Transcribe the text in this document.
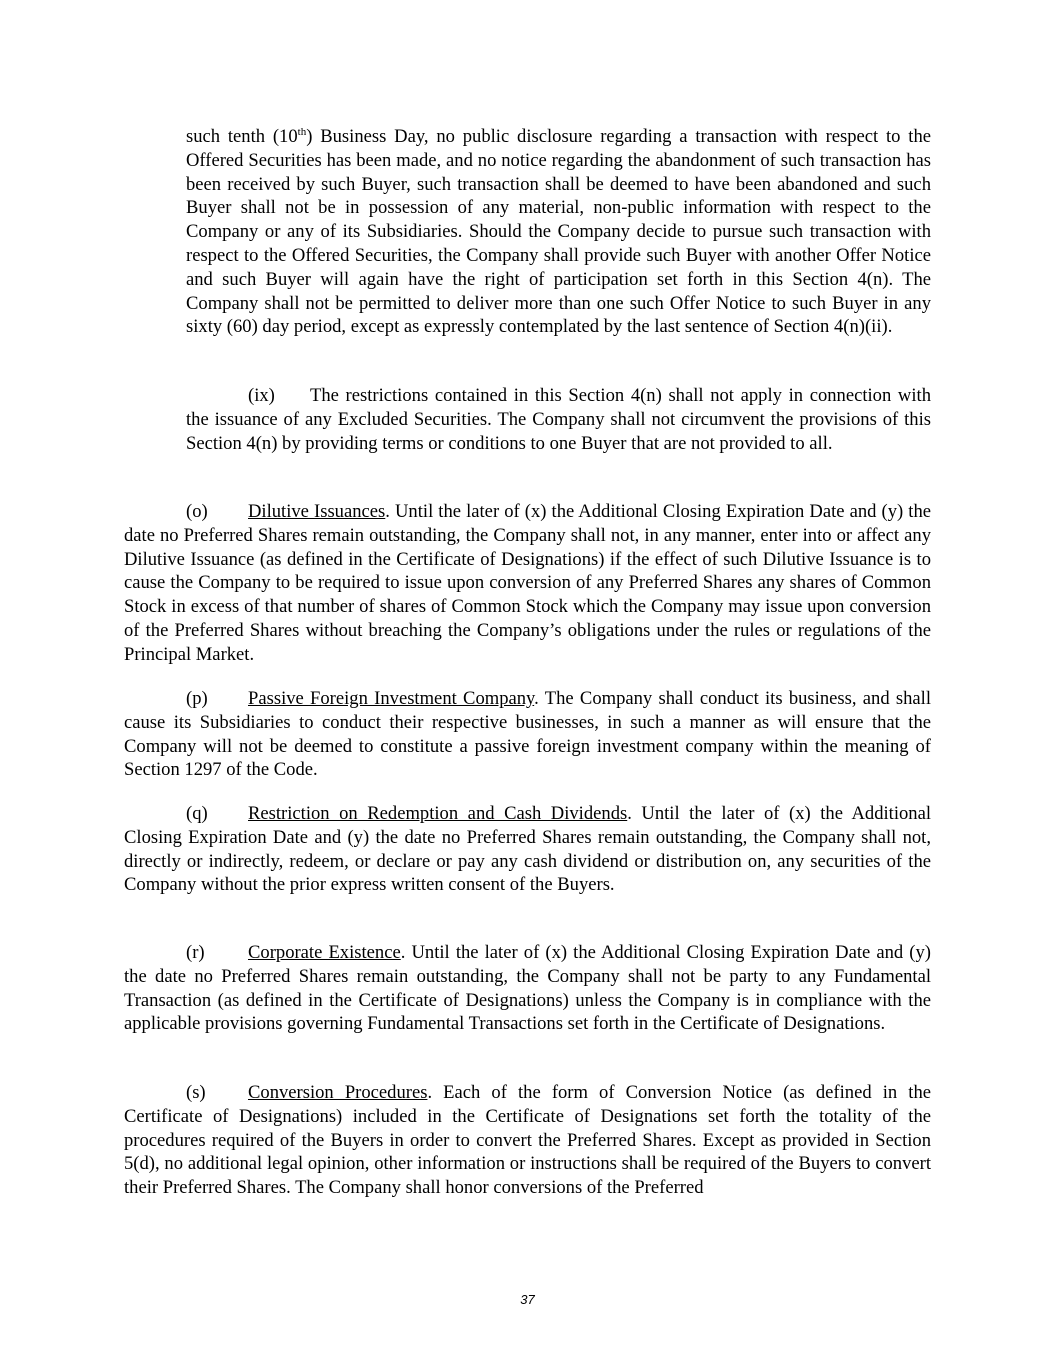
such tenth (10th) Business Day, no public disclosure regarding a transaction with respect to the Offered Securities has been made, and no notice regarding the abandonment of such transaction has been received by such Buyer, such transaction shall be deemed to have been abandoned and such Buyer shall not be in possession of any material, non-public information with respect to the Company or any of its Subsidiaries. Should the Company decide to pursue such transaction with respect to the Offered Securities, the Company shall provide such Buyer with another Offer Notice and such Buyer will again have the right of participation set forth in this Section 4(n). The Company shall not be permitted to deliver more than one such Offer Notice to such Buyer in any sixty (60) day period, except as expressly contemplated by the last sentence of Section 4(n)(ii).

(ix) The restrictions contained in this Section 4(n) shall not apply in connection with the issuance of any Excluded Securities. The Company shall not circumvent the provisions of this Section 4(n) by providing terms or conditions to one Buyer that are not provided to all.

(o) Dilutive Issuances. Until the later of (x) the Additional Closing Expiration Date and (y) the date no Preferred Shares remain outstanding, the Company shall not, in any manner, enter into or affect any Dilutive Issuance (as defined in the Certificate of Designations) if the effect of such Dilutive Issuance is to cause the Company to be required to issue upon conversion of any Preferred Shares any shares of Common Stock in excess of that number of shares of Common Stock which the Company may issue upon conversion of the Preferred Shares without breaching the Company’s obligations under the rules or regulations of the Principal Market.

(p) Passive Foreign Investment Company. The Company shall conduct its business, and shall cause its Subsidiaries to conduct their respective businesses, in such a manner as will ensure that the Company will not be deemed to constitute a passive foreign investment company within the meaning of Section 1297 of the Code.

(q) Restriction on Redemption and Cash Dividends. Until the later of (x) the Additional Closing Expiration Date and (y) the date no Preferred Shares remain outstanding, the Company shall not, directly or indirectly, redeem, or declare or pay any cash dividend or distribution on, any securities of the Company without the prior express written consent of the Buyers.

(r) Corporate Existence. Until the later of (x) the Additional Closing Expiration Date and (y) the date no Preferred Shares remain outstanding, the Company shall not be party to any Fundamental Transaction (as defined in the Certificate of Designations) unless the Company is in compliance with the applicable provisions governing Fundamental Transactions set forth in the Certificate of Designations.

(s) Conversion Procedures. Each of the form of Conversion Notice (as defined in the Certificate of Designations) included in the Certificate of Designations set forth the totality of the procedures required of the Buyers in order to convert the Preferred Shares. Except as provided in Section 5(d), no additional legal opinion, other information or instructions shall be required of the Buyers to convert their Preferred Shares. The Company shall honor conversions of the Preferred

37
